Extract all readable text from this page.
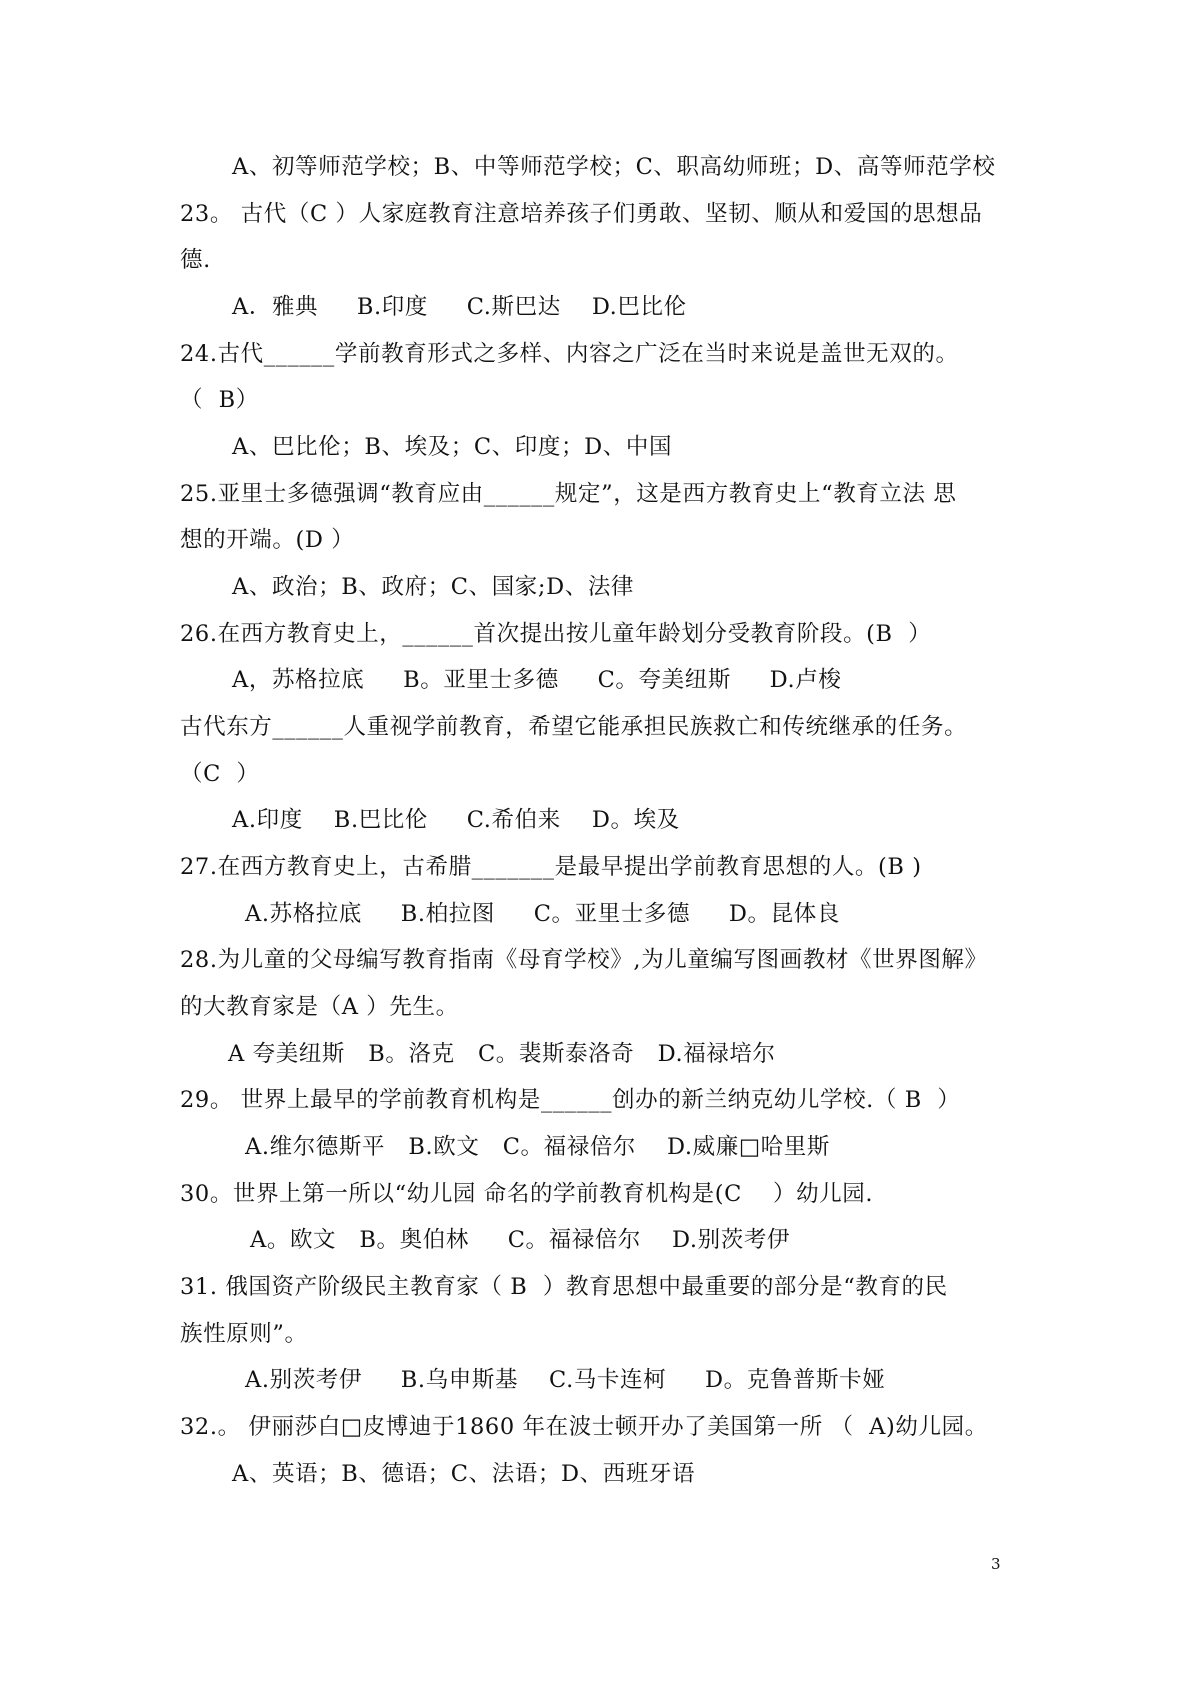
A、初等师范学校；B、中等师范学校；C、职高幼师班；D、高等师范学校
23。 古代（C ）人家庭教育注意培养孩子们勇敢、坚韧、顺从和爱国的思想品
德.
A．雅典     B.印度     C.斯巴达    D.巴比伦
24.古代______学前教育形式之多样、内容之广泛在当时来说是盖世无双的。
（  B）
A、巴比伦；B、埃及；C、印度；D、中国
25.亚里士多德强调“教育应由______规定”，这是西方教育史上“教育立法 思
想的开端。(D ）
A、政治；B、政府；C、国家;D、法律
26.在西方教育史上，______首次提出按儿童年龄划分受教育阶段。(B  ）
A，苏格拉底     B。亚里士多德     C。夸美纽斯     D.卢梭
古代东方______人重视学前教育，希望它能承担民族救亡和传统继承的任务。
（C  ）
A.印度    B.巴比伦     C.希伯来    D。埃及
27.在西方教育史上，古希腊_______是最早提出学前教育思想的人。(B )
A.苏格拉底     B.柏拉图     C。亚里士多德     D。昆体良
28.为儿童的父母编写教育指南《母育学校》,为儿童编写图画教材《世界图解》
的大教育家是（A ）先生。
A 夸美纽斯   B。洛克   C。裴斯泰洛奇   D.福禄培尔
29。 世界上最早的学前教育机构是______创办的新兰纳克幼儿学校.（ B  ）
A.维尔德斯平   B.欧文   C。福禄倍尔    D.威廉□哈里斯
30。世界上第一所以“幼儿园 命名的学前教育机构是(C    ）幼儿园.
A。欧文   B。奥伯林     C。福禄倍尔    D.别茨考伊
31. 俄国资产阶级民主教育家（ B  ）教育思想中最重要的部分是“教育的民
族性原则”。
A.别茨考伊     B.乌申斯基    C.马卡连柯     D。克鲁普斯卡娅
32.。 伊丽莎白□皮博迪于1860 年在波士顿开办了美国第一所 （  A)幼儿园。
A、英语；B、德语；C、法语；D、西班牙语
3
